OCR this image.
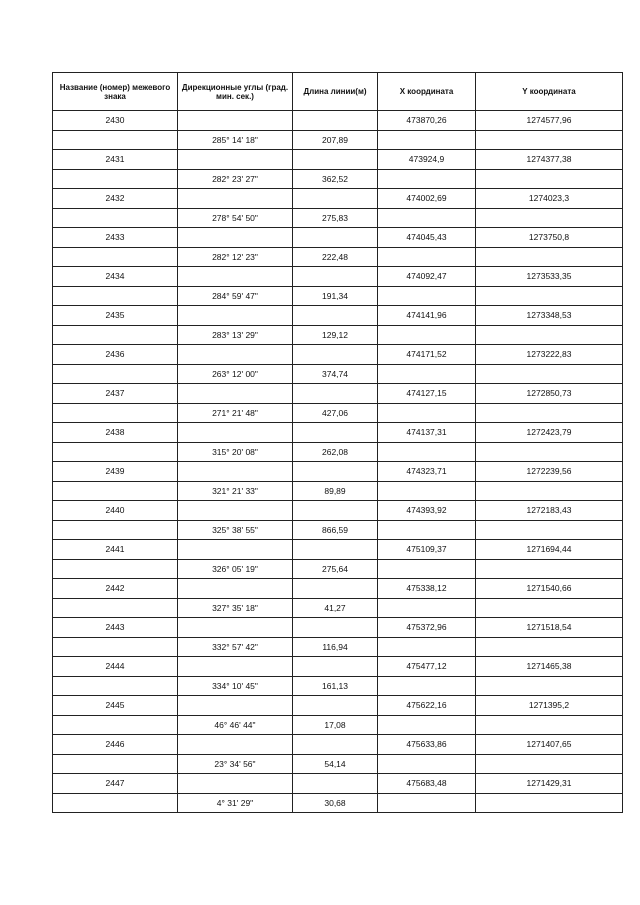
Название (номер) межевого знака	Дирекционные углы (град. мин. сек.)	Длина линии(м)	X координата	Y координата
2430			473870,26	1274577,96
	285° 14' 18"	207,89		
2431			473924,9	1274377,38
	282° 23' 27"	362,52		
2432			474002,69	1274023,3
	278° 54' 50"	275,83		
2433			474045,43	1273750,8
	282° 12' 23"	222,48		
2434			474092,47	1273533,35
	284° 59' 47"	191,34		
2435			474141,96	1273348,53
	283° 13' 29"	129,12		
2436			474171,52	1273222,83
	263° 12' 00"	374,74		
2437			474127,15	1272850,73
	271° 21' 48"	427,06		
2438			474137,31	1272423,79
	315° 20' 08"	262,08		
2439			474323,71	1272239,56
	321° 21' 33"	89,89		
2440			474393,92	1272183,43
	325° 38' 55"	866,59		
2441			475109,37	1271694,44
	326° 05' 19"	275,64		
2442			475338,12	1271540,66
	327° 35' 18"	41,27		
2443			475372,96	1271518,54
	332° 57' 42"	116,94		
2444			475477,12	1271465,38
	334° 10' 45"	161,13		
2445			475622,16	1271395,2
	46° 46' 44"	17,08		
2446			475633,86	1271407,65
	23° 34' 56"	54,14		
2447			475683,48	1271429,31
	4° 31' 29"	30,68		
